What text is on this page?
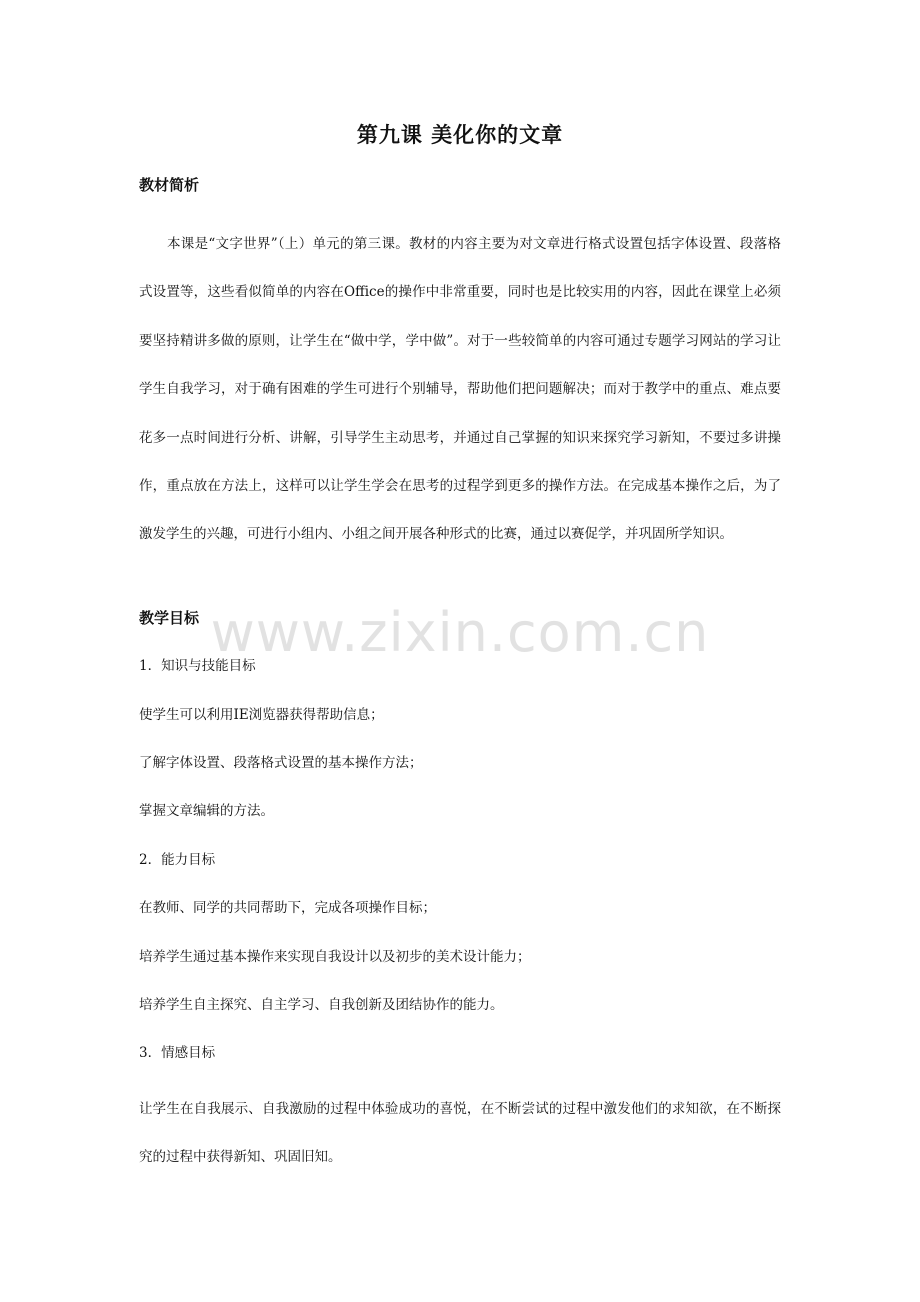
第九课 美化你的文章
教材简析

本课是“文字世界”（上）单元的第三课。教材的内容主要为对文章进行格式设置包括字体设置、段落格式设置等，这些看似简单的内容在Office的操作中非常重要，同时也是比较实用的内容，因此在课堂上必须要坚持精讲多做的原则，让学生在“做中学，学中做”。对于一些较简单的内容可通过专题学习网站的学习让学生自我学习，对于确有困难的学生可进行个别辅导，帮助他们把问题解决；而对于教学中的重点、难点要花多一点时间进行分析、讲解，引导学生主动思考，并通过自己掌握的知识来探究学习新知，不要过多讲操作，重点放在方法上，这样可以让学生学会在思考的过程学到更多的操作方法。在完成基本操作之后，为了激发学生的兴趣，可进行小组内、小组之间开展各种形式的比赛，通过以赛促学，并巩固所学知识。

教学目标
1．知识与技能目标
使学生可以利用IE浏览器获得帮助信息；
了解字体设置、段落格式设置的基本操作方法；
掌握文章编辑的方法。
2．能力目标
在教师、同学的共同帮助下，完成各项操作目标；
培养学生通过基本操作来实现自我设计以及初步的美术设计能力；
培养学生自主探究、自主学习、自我创新及团结协作的能力。
3．情感目标

让学生在自我展示、自我激励的过程中体验成功的喜悦，在不断尝试的过程中激发他们的求知欲，在不断探究的过程中获得新知、巩固旧知。

www.zixin.com.cn
